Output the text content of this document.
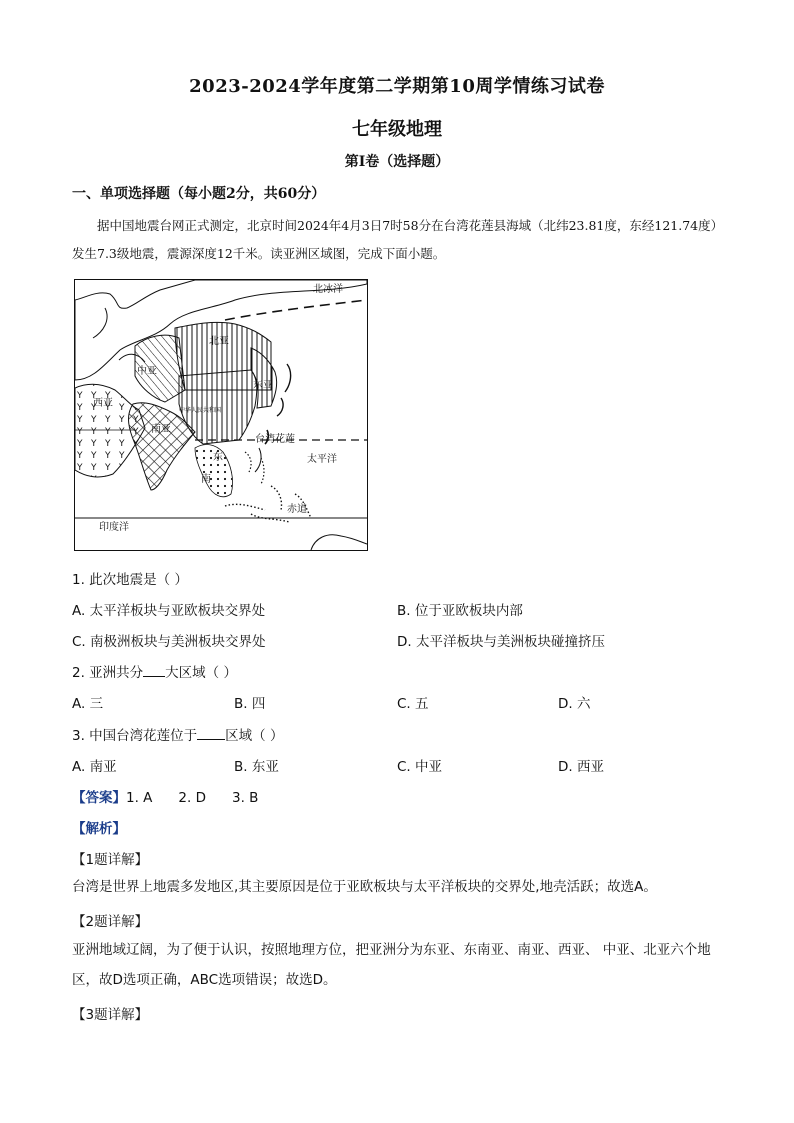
2023-2024学年度第二学期第10周学情练习试卷
七年级地理
第I卷（选择题）
一、单项选择题（每小题2分，共60分）
据中国地震台网正式测定，北京时间2024年4月3日7时58分在台湾花莲县海域（北纬23.81度，东经121.74度）发生7.3级地震，震源深度12千米。读亚洲区域图，完成下面小题。
北冰洋
北亚
中亚
东亚
西亚
中华人民共和国
南亚
东
南
台湾花莲
太平洋
赤道
印度洋
1. 此次地震是（ ）
A. 太平洋板块与亚欧板块交界处	B. 位于亚欧板块内部
C. 南极洲板块与美洲板块交界处	D. 太平洋板块与美洲板块碰撞挤压
2. 亚洲共分 大区域（ ）
A. 三	B. 四	C. 五	D. 六
3. 中国台湾花莲位于 区域（ ）
A. 南亚	B. 东亚	C. 中亚	D. 西亚
【答案】1. A 2. D 3. B
【解析】
【1题详解】
台湾是世界上地震多发地区,其主要原因是位于亚欧板块与太平洋板块的交界处,地壳活跃；故选A。
【2题详解】
亚洲地域辽阔，为了便于认识，按照地理方位，把亚洲分为东亚、东南亚、南亚、西亚、 中亚、北亚六个地区，故D选项正确，ABC选项错误；故选D。
【3题详解】
